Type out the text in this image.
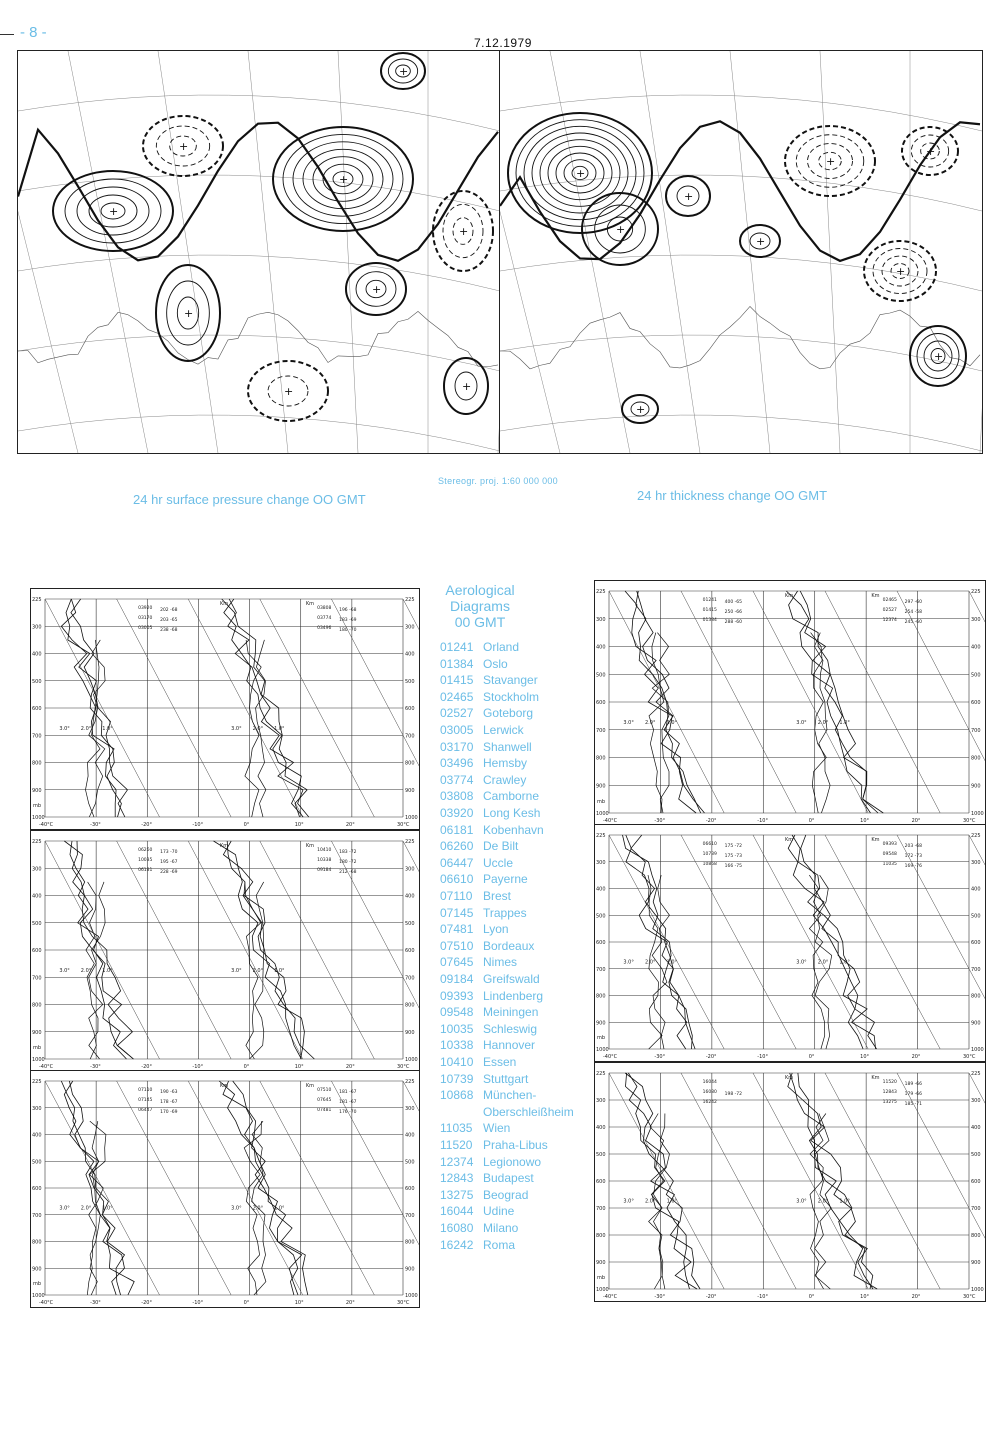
- 8 -
7.12.1979
+
+
+
+
+
+
+
+
+
+
+
+
+
+
+
+
+
+
Stereogr. proj. 1:60 000 000
24 hr surface pressure change OO GMT	24 hr thickness change OO GMT
Aerological
Diagrams
00 GMT
01241 Orland
01384 Oslo
01415 Stavanger
02465 Stockholm
02527 Goteborg
03005 Lerwick
03170 Shanwell
03496 Hemsby
03774 Crawley
03808 Camborne
03920 Long Kesh
06181 Kobenhavn
06260 De Bilt
06447 Uccle
06610 Payerne
07110 Brest
07145 Trappes
07481 Lyon
07510 Bordeaux
07645 Nimes
09184 Greifswald
09393 Lindenberg
09548 Meiningen
10035 Schleswig
10338 Hannover
10410 Essen
10739 Stuttgart
10868 München-
Oberschleißheim
11035 Wien
11520 Praha-Libus
12374 Legionowo
12843 Budapest
13275 Beograd
16044 Udine
16080 Milano
16242 Roma
225	225
300	300
400	400
500	500
600	600
700	700
800	800
900	900
1000	1000
-40°C	-30°	-20°	-10°	0°	10°	20°	30°C
Km	Km
mb
3.0°	3.0°
2.0°	2.0°
1.0°	1.0°
03920 202 -68
03170 203 -65
03005 238 -68
03808 196 -68
03774 183 -69
03496 180 -70
225	225
300	300
400	400
500	500
600	600
700	700
800	800
900	900
1000	1000
-40°C	-30°	-20°	-10°	0°	10°	20°	30°C
Km	Km
mb
3.0°	3.0°
2.0°	2.0°
1.0°	1.0°
01241 400 -65
01415 250 -66
01384 288 -60
02465 297 -60
02527 254 -58
12374 245 -60
225	225
300	300
400	400
500	500
600	600
700	700
800	800
900	900
1000	1000
-40°C	-30°	-20°	-10°	0°	10°	20°	30°C
Km	Km
mb
3.0°	3.0°
2.0°	2.0°
1.0°	1.0°
06260 173 -70
10035 195 -67
06181 228 -69
10410 183 -72
10338 180 -72
09184 212 -68
225	225
300	300
400	400
500	500
600	600
700	700
800	800
900	900
1000	1000
-40°C	-30°	-20°	-10°	0°	10°	20°	30°C
Km	Km
mb
3.0°	3.0°
2.0°	2.0°
1.0°	1.0°
06610 175 -72
10739 175 -73
10868 166 -75
09393 203 -68
09548 172 -73
11035 169 -76
225	225
300	300
400	400
500	500
600	600
700	700
800	800
900	900
1000	1000
-40°C	-30°	-20°	-10°	0°	10°	20°	30°C
Km	Km
mb
3.0°	3.0°
2.0°	2.0°
1.0°	1.0°
07110 190 -63
07145 178 -67
06447 170 -69
07510 181 -67
07645 181 -67
07481 176 -70
225	225
300	300
400	400
500	500
600	600
700	700
800	800
900	900
1000	1000
-40°C	-30°	-20°	-10°	0°	10°	20°	30°C
Km	Km
mb
3.0°	3.0°
2.0°	2.0°
1.0°	1.0°
16044
16080 198 -72
16242
11520 189 -66
12843 179 -66
13275 185 -71
